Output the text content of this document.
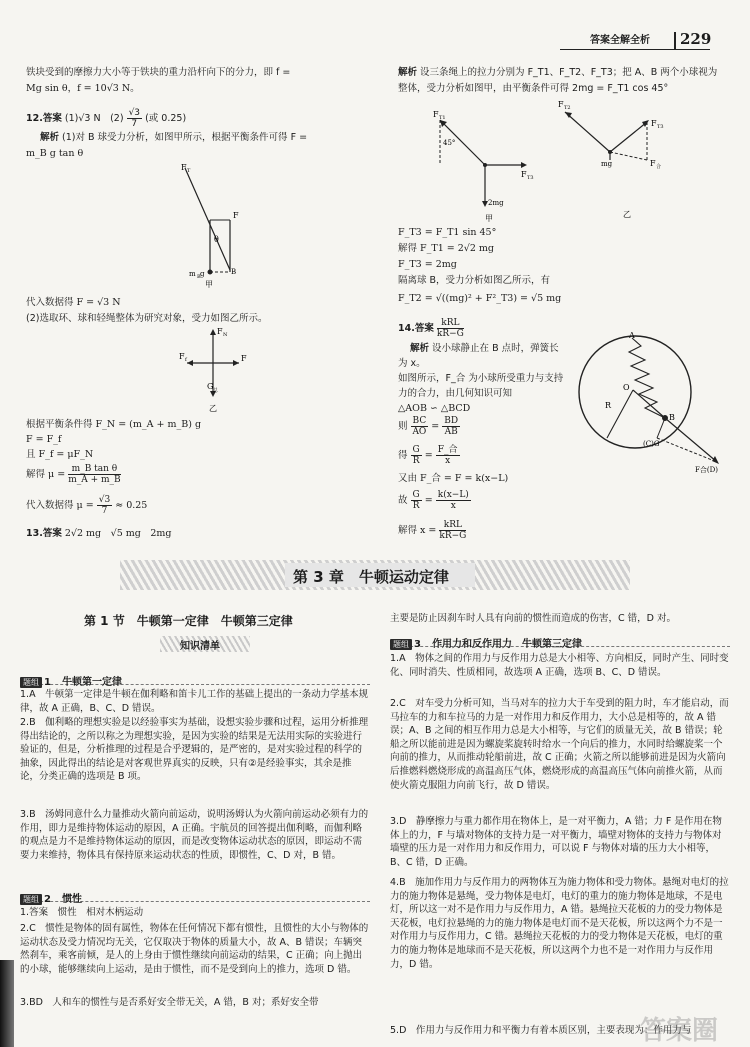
答案全解全析 229
铁块受到的摩擦力大小等于铁块的重力沿杆向下的分力，即 f =
Mg sin θ，f = 10√3 N。
12.答案 (1)√3 N　$(2) \frac{√3}{7}$ (或 0.25)
解析 (1)对 B 球受力分析，如图甲所示，根据平衡条件可得 F =
m_B g tan θ
F T
F
θ
m B g	B
甲
代入数据得 F = √3 N
(2)选取环、球和轻绳整体为研究对象，受力如图乙所示。
F N
F f	F
G 总
乙
根据平衡条件得 F_N = (m_A + m_B) g
F = F_f
且 F_f = μF_N
解得 $\mu = \frac{\text{m\_B tan θ}}{m\_A + m\_B}$
代入数据得 $\mu = \frac{√3}{7} \approx 0.25$
13.答案 2√2 mg　√5 mg　2mg
解析 设三条绳上的拉力分别为 F_T1、F_T2、F_T3；把 A、B 两个小球视为
整体，受力分析如图甲，由平衡条件可得 2mg = F_T1 cos 45°
F T1
45°
2mg
F T3
甲
F T2
F T3
mg	F 合
乙
F_T3 = F_T1 sin 45°
解得 F_T1 = 2√2 mg
F_T3 = 2mg
隔离球 B，受力分析如图乙所示，有
F_T2 = √((mg)² + F²_T3) = √5 mg
14.答案 $\frac{\text{kRL}}{kR-G}$
解析 设小球静止在 B 点时，弹簧长
为 x。
如图所示，F_合 为小球所受重力与支持
力的合力，由几何知识可知
△AOB ∽ △BCD
则 $\frac{BC}{AO} = \frac{BD}{AB}$
得 $\frac{G}{R} = \frac{\text{F\_合}}{x}$
又由 F_合 = F = k(x−L)
故 $\frac{G}{R} = \frac{k(x-L)}{x}$
解得 $x = \frac{\text{kRL}}{kR-G}$
A
O
R
B
(C)G
F合(D)
第 3 章　牛顿运动定律
第 1 节　牛顿第一定律　牛顿第三定律
知识清单
题组 1 牛顿第一定律
1.A　牛顿第一定律是牛顿在伽利略和笛卡儿工作的基础上提出的一条动力学基本规律，故 A 正确，B、C、D 错误。
2.B　伽利略的理想实验是以经验事实为基础，设想实验步骤和过程，运用分析推理得出结论的，之所以称之为理想实验，是因为实验的结果是无法用实际的实验进行验证的，但是，分析推理的过程是合乎逻辑的，是严密的，是对实验过程的科学的抽象，因此得出的结论是对客观世界真实的反映，只有②是经验事实，其余是推论，分类正确的选项是 B 项。
3.B　汤姆同意什么力量推动火箭向前运动，说明汤姆认为火箭向前运动必须有力的作用，即力是维持物体运动的原因，A 正确。宇航员的回答提出伽利略，而伽利略的观点是力不是维持物体运动的原因，而是改变物体运动状态的原因，即运动不需要力来维持，物体具有保持原来运动状态的性质，即惯性，C、D 对，B 错。
题组 2 惯性
1.答案　惯性　相对木柄运动
2.C　惯性是物体的固有属性，物体在任何情况下都有惯性，且惯性的大小与物体的运动状态及受力情况均无关，它仅取决于物体的质量大小，故 A、B 错误；车辆突然刹车，乘客前倾，是人的上身由于惯性继续向前运动的结果，C 正确；向上抛出的小球，能够继续向上运动，是由于惯性，而不是受到向上的推力，选项 D 错。
3.BD　人和车的惯性与是否系好安全带无关，A 错，B 对；系好安全带
主要是防止因刹车时人具有向前的惯性而造成的伤害，C 错，D 对。
题组 3 作用力和反作用力　牛顿第三定律
1.A　物体之间的作用力与反作用力总是大小相等、方向相反，同时产生、同时变化、同时消失、性质相同，故选项 A 正确，选项 B、C、D 错误。
2.C　对车受力分析可知，当马对车的拉力大于车受到的阻力时，车才能启动，而马拉车的力和车拉马的力是一对作用力和反作用力，大小总是相等的，故 A 错误；A、B 之间的相互作用力总是大小相等，与它们的质量无关，故 B 错误；轮船之所以能前进是因为螺旋桨旋转时给水一个向后的推力，水同时给螺旋桨一个向前的推力，从而推动轮船前进，故 C 正确；火箭之所以能够前进是因为火箭向后推燃料燃烧形成的高温高压气体，燃烧形成的高温高压气体向前推火箭，从而使火箭克服阻力向前飞行，故 D 错误。
3.D　静摩擦力与重力都作用在物体上，是一对平衡力，A 错；力 F 是作用在物体上的力，F 与墙对物体的支持力是一对平衡力，墙壁对物体的支持力与物体对墙壁的压力是一对作用力和反作用力，可以说 F 与物体对墙的压力大小相等，B、C 错，D 正确。
4.B　施加作用力与反作用力的两物体互为施力物体和受力物体。悬绳对电灯的拉力的施力物体是悬绳，受力物体是电灯，电灯的重力的施力物体是地球，不是电灯，所以这一对不是作用力与反作用力，A 错。悬绳拉天花板的力的受力物体是天花板，电灯拉悬绳的力的施力物体是电灯而不是天花板，所以这两个力不是一对作用力与反作用力，C 错。悬绳拉天花板的力的受力物体是天花板，电灯的重力的施力物体是地球而不是天花板，所以这两个力也不是一对作用力与反作用力，D 错。
5.D　作用力与反作用力和平衡力有着本质区别，主要表现为：作用力与
答案圈
